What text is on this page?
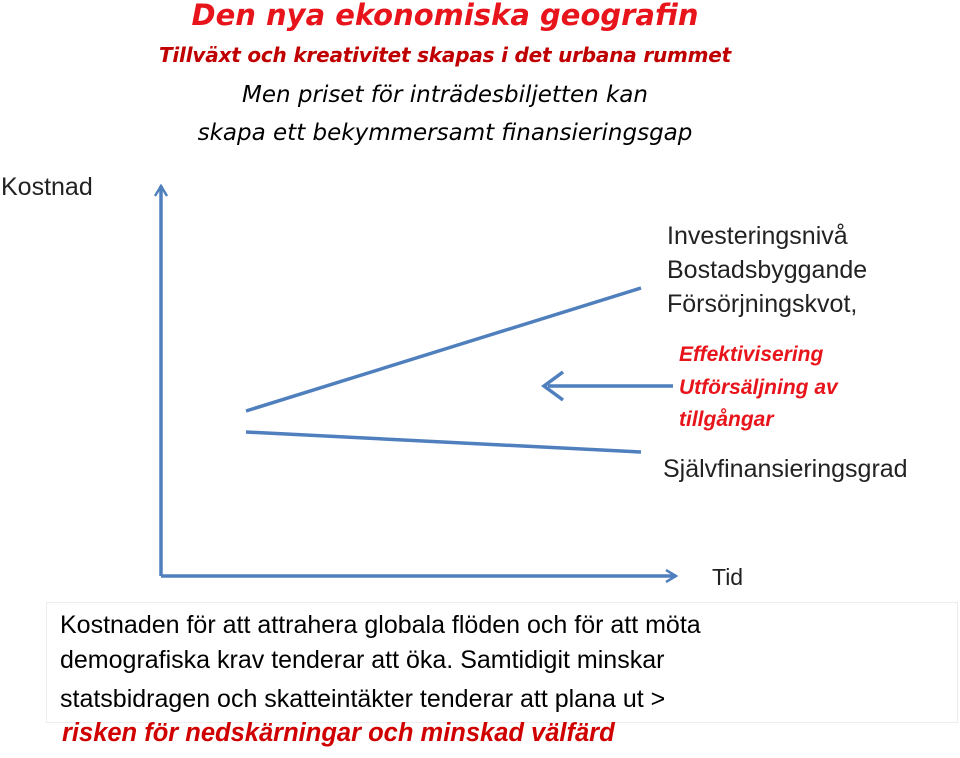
Den nya ekonomiska geografin
Tillväxt och kreativitet skapas i det urbana rummet
Men priset för inträdesbiljetten kan
skapa ett bekymmersamt finansieringsgap
Kostnad
Tid
Investeringsnivå
Bostadsbyggande
Försörjningskvot,
Effektivisering
Utförsäljning av
tillgångar
Självfinansieringsgrad
Kostnaden för att attrahera globala flöden och för att möta
demografiska krav tenderar att öka. Samtidigit minskar
statsbidragen och skatteintäkter tenderar att plana ut >
risken för nedskärningar och minskad välfärd
